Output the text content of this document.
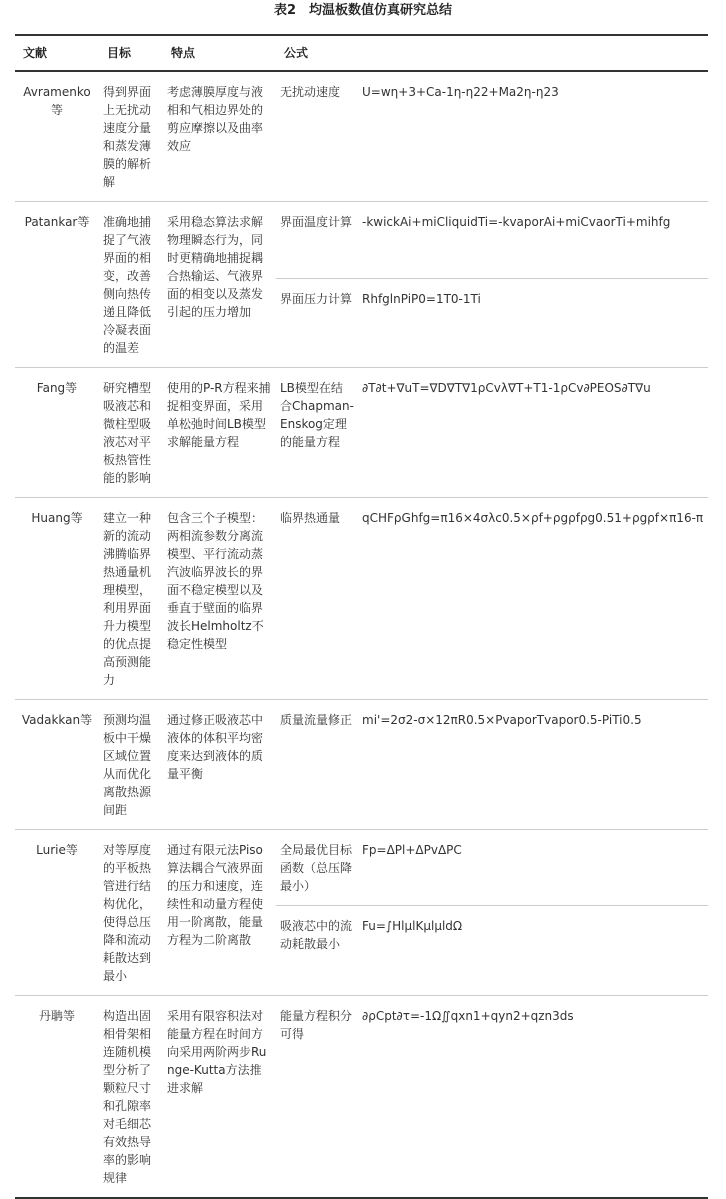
表2　均温板数值仿真研究总结
文献	目标	特点	公式	
Avramenko等	得到界面上无扰动速度分量和蒸发薄膜的解析解	考虑薄膜厚度与液相和气相边界处的剪应摩擦以及曲率效应	无扰动速度	U=wη+3+Ca-1η-η22+Ma2η-η23
Patankar等	准确地捕捉了气液界面的相变，改善侧向热传递且降低冷凝表面的温差	采用稳态算法求解物理瞬态行为，同时更精确地捕捉耦合热输运、气液界面的相变以及蒸发引起的压力增加	界面温度计算	-kwickAi+miCliquidTi=-kvaporAi+miCvaorTi+mihfg
			界面压力计算	RhfglnPiP0=1T0-1Ti
Fang等	研究槽型吸液芯和微柱型吸液芯对平板热管性能的影响	使用的P-R方程来捕捉相变界面，采用单松弛时间LB模型求解能量方程	LB模型在结合Chapman-Enskog定理的能量方程	∂T∂t+∇uT=∇D∇T∇1ρCvλ∇T+T1-1ρCv∂PEOS∂T∇u
Huang等	建立一种新的流动沸腾临界热通量机理模型，利用界面升力模型的优点提高预测能力	包含三个子模型：两相流参数分离流模型、平行流动蒸汽波临界波长的界面不稳定模型以及垂直于壁面的临界波长Helmholtz不稳定性模型	临界热通量	qCHFρGhfg=π16×4σλc0.5×ρf+ρgρfρg0.51+ρgρf×π16-π
Vadakkan等	预测均温板中干燥区域位置从而优化离散热源间距	通过修正吸液芯中液体的体积平均密度来达到液体的质量平衡	质量流量修正	mi'=2σ2-σ×12πR0.5×PvaporTvapor0.5-PiTi0.5
Lurie等	对等厚度的平板热管进行结构优化，使得总压降和流动耗散达到最小	通过有限元法Piso算法耦合气液界面的压力和速度，连续性和动量方程使用一阶离散，能量方程为二阶离散	全局最优目标函数（总压降最小）	Fp=ΔPl+ΔPvΔPC
			吸液芯中的流动耗散最小	Fu=∫HlμlKμlμldΩ
丹聃等	构造出固相骨架相连随机模型分析了颗粒尺寸和孔隙率对毛细芯有效热导率的影响规律	采用有限容积法对能量方程在时间方向采用两阶两步Runge-Kutta方法推进求解	能量方程积分可得	∂ρCpt∂τ=-1Ω∬qxn1+qyn2+qzn3ds
